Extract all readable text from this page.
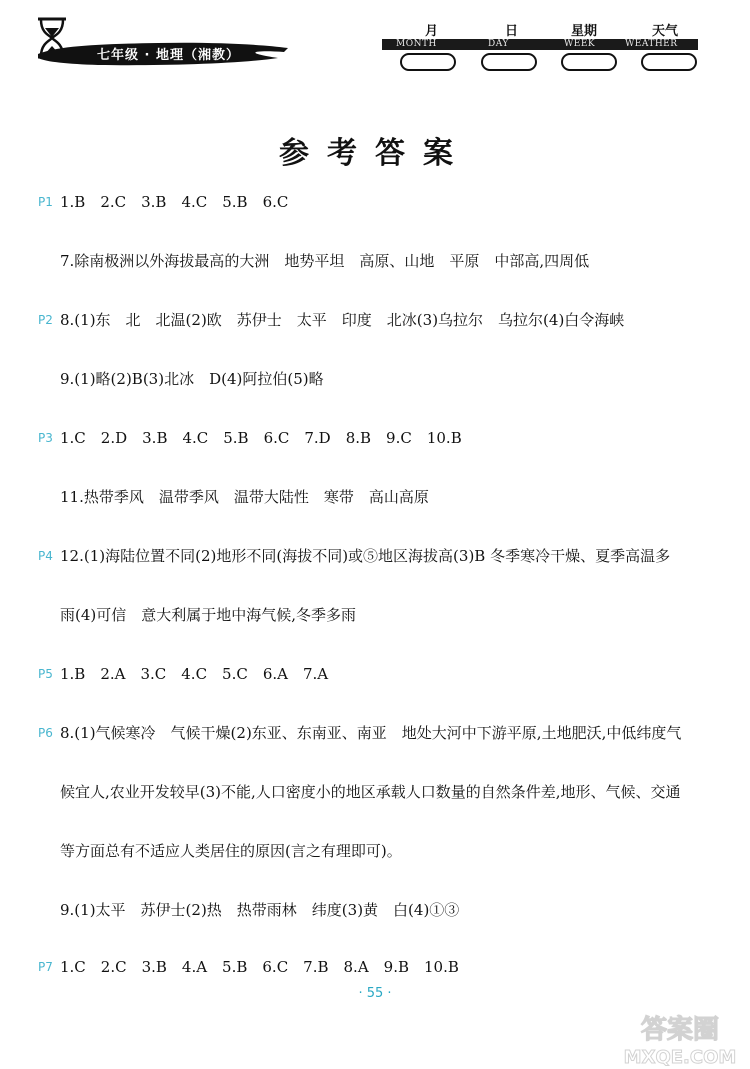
七年级 · 地理（湘教）
月	日	星期	天气
MONTH	DAY	WEEK	WEATHER
参考答案
P1
P2
P3
P4
P5
P6
P7
1.B　2.C　3.B　4.C　5.B　6.C
7.除南极洲以外海拔最高的大洲　地势平坦　高原、山地　平原　中部高,四周低
8.(1)东　北　北温(2)欧　苏伊士　太平　印度　北冰(3)乌拉尔　乌拉尔(4)白令海峡
9.(1)略(2)B(3)北冰　D(4)阿拉伯(5)略
1.C　2.D　3.B　4.C　5.B　6.C　7.D　8.B　9.C　10.B
11.热带季风　温带季风　温带大陆性　寒带　高山高原
12.(1)海陆位置不同(2)地形不同(海拔不同)或⑤地区海拔高(3)B 冬季寒冷干燥、夏季高温多
雨(4)可信　意大利属于地中海气候,冬季多雨
1.B　2.A　3.C　4.C　5.C　6.A　7.A
8.(1)气候寒冷　气候干燥(2)东亚、东南亚、南亚　地处大河中下游平原,土地肥沃,中低纬度气
候宜人,农业开发较早(3)不能,人口密度小的地区承载人口数量的自然条件差,地形、气候、交通
等方面总有不适应人类居住的原因(言之有理即可)。
9.(1)太平　苏伊士(2)热　热带雨林　纬度(3)黄　白(4)①③
1.C　2.C　3.B　4.A　5.B　6.C　7.B　8.A　9.B　10.B
· 55 ·
答案圈
MXQE.COM
